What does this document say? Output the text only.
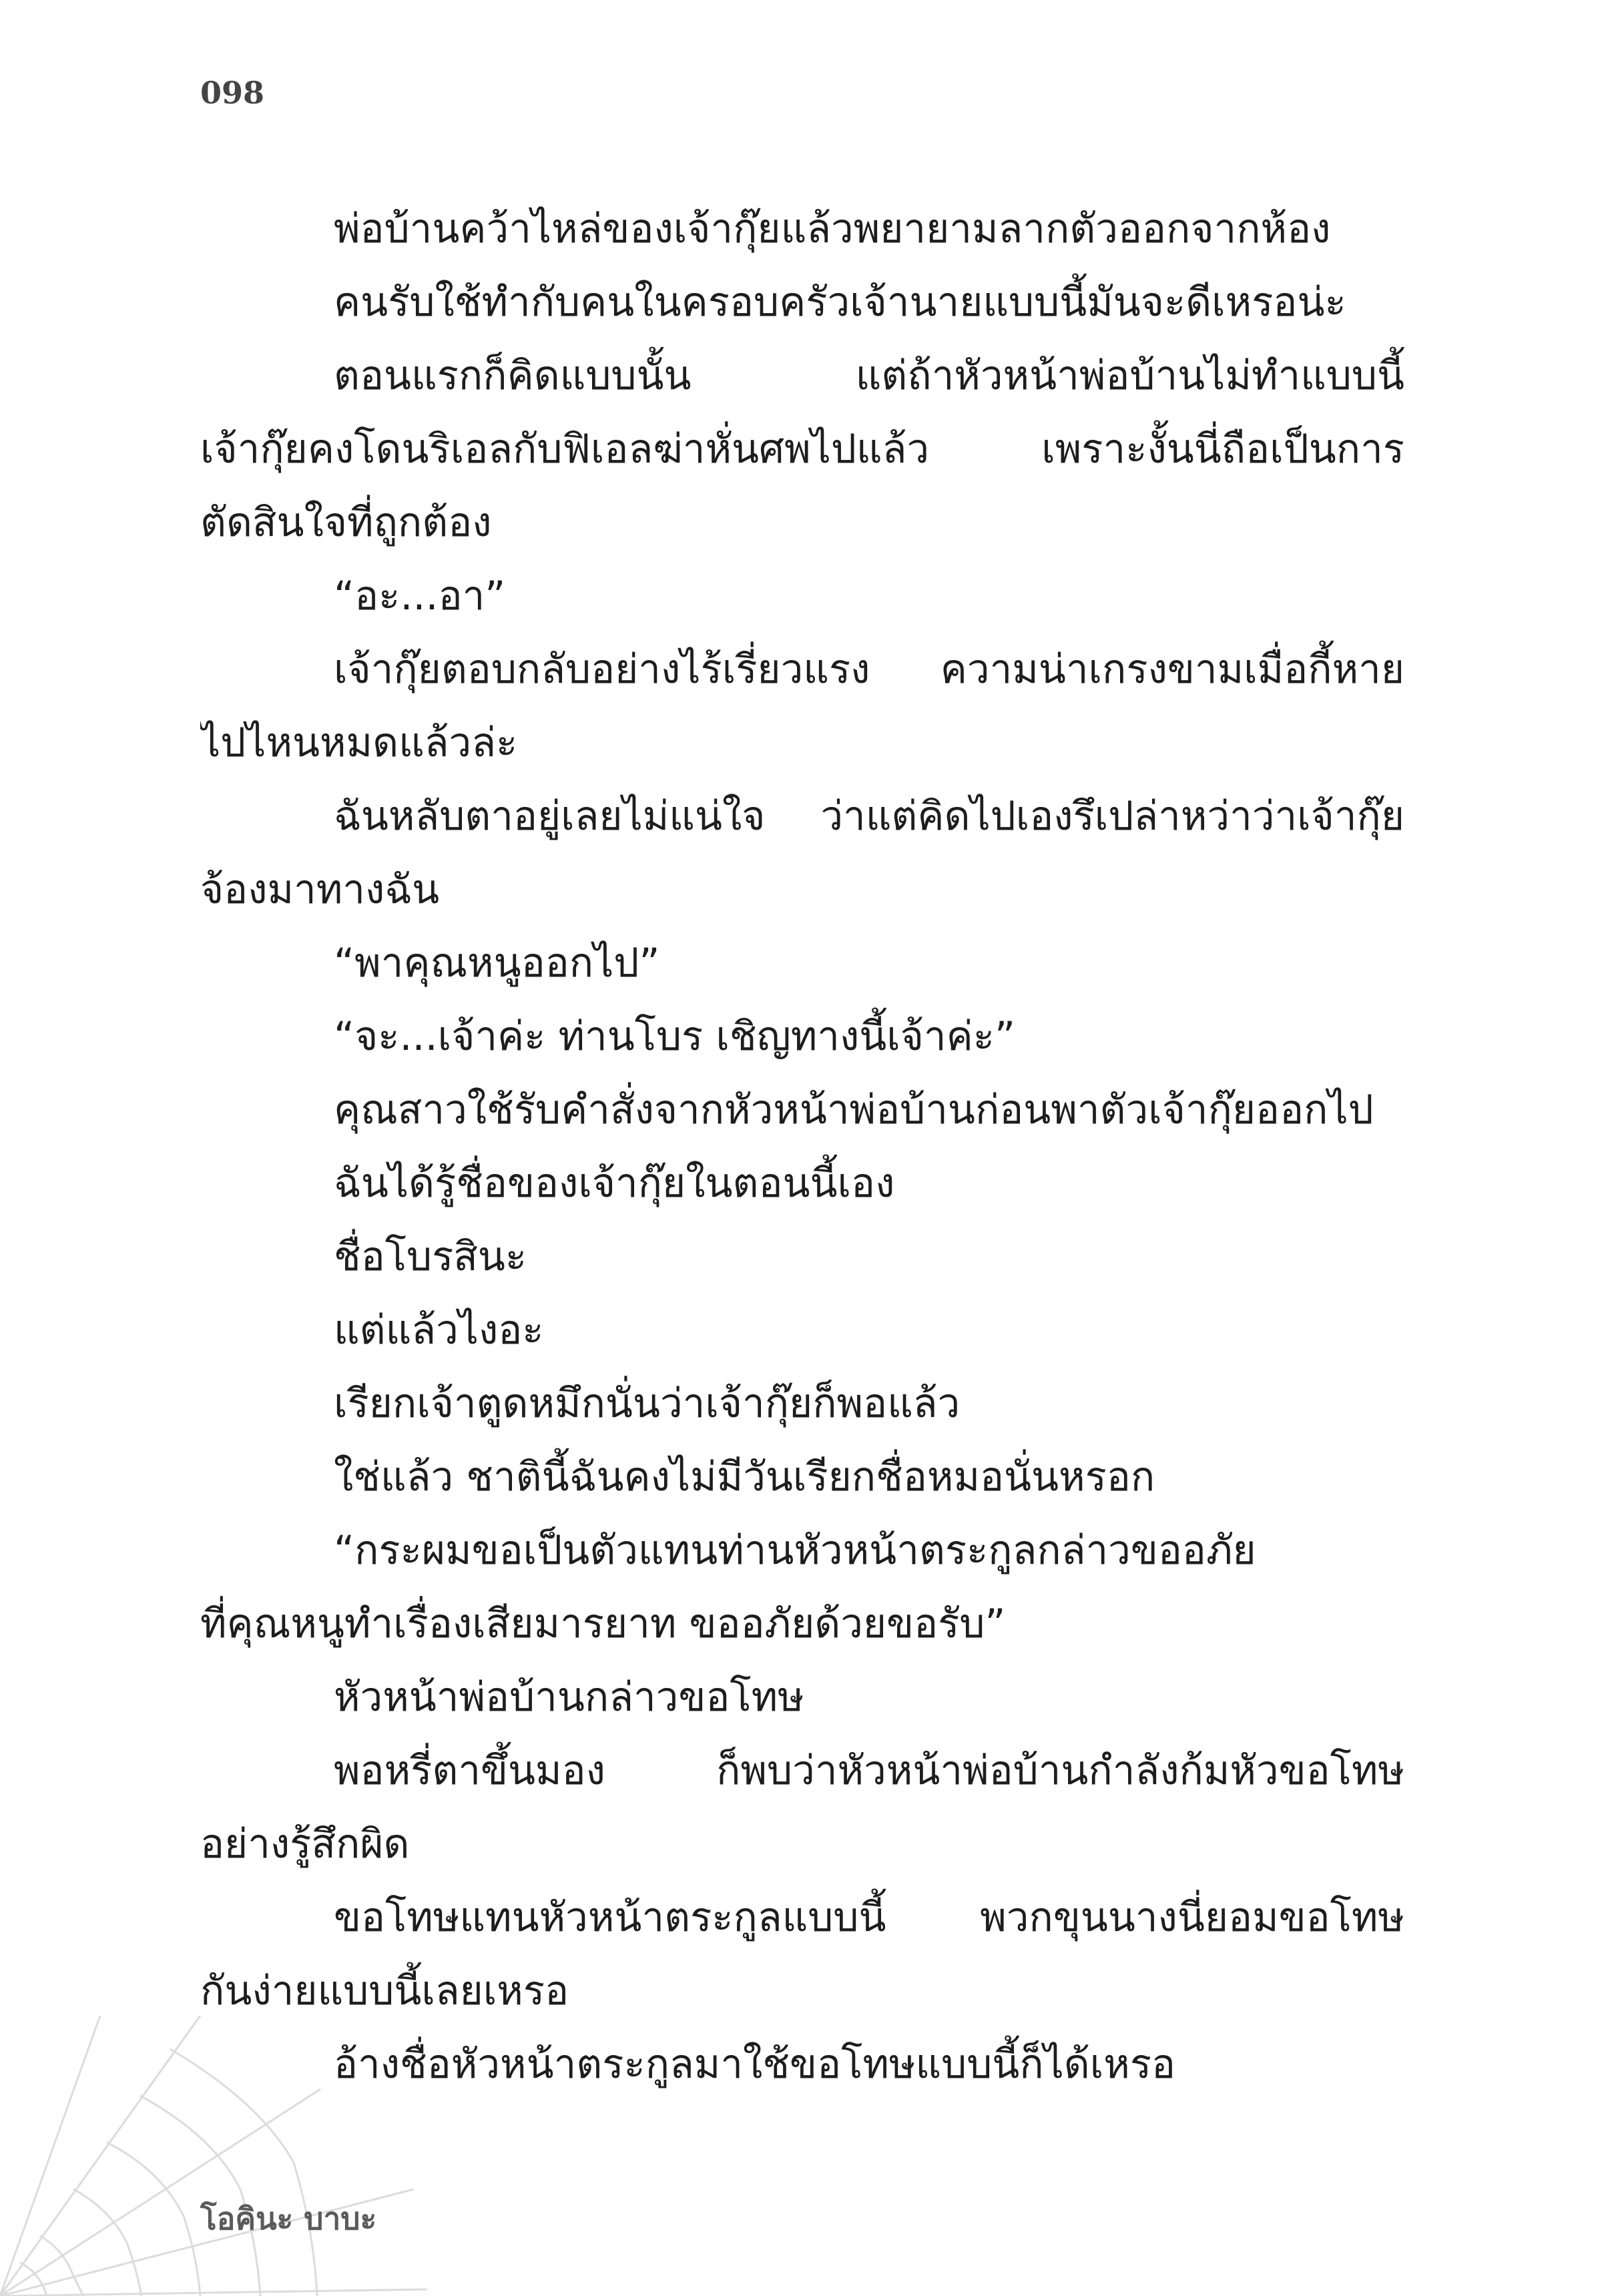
098
พ่อบ้านคว้าไหล่ของเจ้ากุ๊ยแล้วพยายามลากตัวออกจากห้อง
คนรับใช้ทำกับคนในครอบครัวเจ้านายแบบนี้มันจะดีเหรอน่ะ
ตอนแรกก็คิดแบบนั้น แต่ถ้าหัวหน้าพ่อบ้านไม่ทำแบบนี้
เจ้ากุ๊ยคงโดนริเอลกับฟิเอลฆ่าหั่นศพไปแล้ว เพราะงั้นนี่ถือเป็นการ
ตัดสินใจที่ถูกต้อง
“อะ...อา”
เจ้ากุ๊ยตอบกลับอย่างไร้เรี่ยวแรง ความน่าเกรงขามเมื่อกี้หาย
ไปไหนหมดแล้วล่ะ
ฉันหลับตาอยู่เลยไม่แน่ใจ ว่าแต่คิดไปเองรึเปล่าหว่าว่าเจ้ากุ๊ย
จ้องมาทางฉัน
“พาคุณหนูออกไป”
“จะ...เจ้าค่ะ ท่านโบร เชิญทางนี้เจ้าค่ะ”
คุณสาวใช้รับคำสั่งจากหัวหน้าพ่อบ้านก่อนพาตัวเจ้ากุ๊ยออกไป
ฉันได้รู้ชื่อของเจ้ากุ๊ยในตอนนี้เอง
ชื่อโบรสินะ
แต่แล้วไงอะ
เรียกเจ้าตูดหมึกนั่นว่าเจ้ากุ๊ยก็พอแล้ว
ใช่แล้ว ชาตินี้ฉันคงไม่มีวันเรียกชื่อหมอนั่นหรอก
“กระผมขอเป็นตัวแทนท่านหัวหน้าตระกูลกล่าวขออภัย
ที่คุณหนูทำเรื่องเสียมารยาท ขออภัยด้วยขอรับ”
หัวหน้าพ่อบ้านกล่าวขอโทษ
พอหรี่ตาขึ้นมอง ก็พบว่าหัวหน้าพ่อบ้านกำลังก้มหัวขอโทษ
อย่างรู้สึกผิด
ขอโทษแทนหัวหน้าตระกูลแบบนี้ พวกขุนนางนี่ยอมขอโทษ
กันง่ายแบบนี้เลยเหรอ
อ้างชื่อหัวหน้าตระกูลมาใช้ขอโทษแบบนี้ก็ได้เหรอ
โอคินะ บาบะ
